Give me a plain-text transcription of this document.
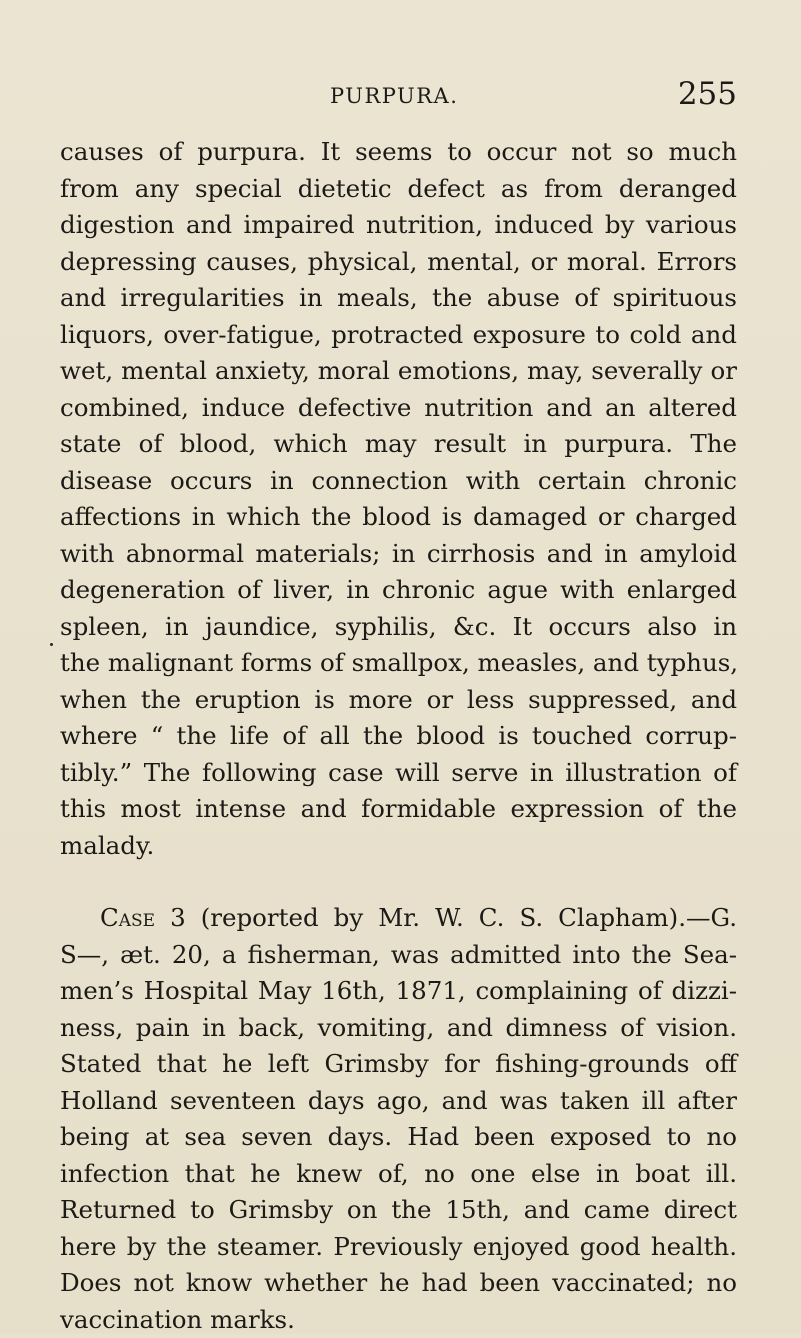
PURPURA.	255
causes of purpura. It seems to occur not so much
from any special dietetic defect as from deranged
digestion and impaired nutrition, induced by various
depressing causes, physical, mental, or moral. Errors
and irregularities in meals, the abuse of spirituous
liquors, over-fatigue, protracted exposure to cold and
wet, mental anxiety, moral emotions, may, severally or
combined, induce defective nutrition and an altered
state of blood, which may result in purpura. The
disease occurs in connection with certain chronic
affections in which the blood is damaged or charged
with abnormal materials; in cirrhosis and in amyloid
degeneration of liver, in chronic ague with enlarged
spleen, in jaundice, syphilis, &c. It occurs also in
the malignant forms of smallpox, measles, and typhus,
when the eruption is more or less suppressed, and
where “ the life of all the blood is touched corrup-
tibly.” The following case will serve in illustration of
this most intense and formidable expression of the
malady.
Case 3 (reported by Mr. W. C. S. Clapham).—G.
S—, æt. 20, a fisherman, was admitted into the Sea-
men’s Hospital May 16th, 1871, complaining of dizzi-
ness, pain in back, vomiting, and dimness of vision.
Stated that he left Grimsby for fishing-grounds off
Holland seventeen days ago, and was taken ill after
being at sea seven days. Had been exposed to no
infection that he knew of, no one else in boat ill.
Returned to Grimsby on the 15th, and came direct
here by the steamer. Previously enjoyed good health.
Does not know whether he had been vaccinated; no
vaccination marks.
